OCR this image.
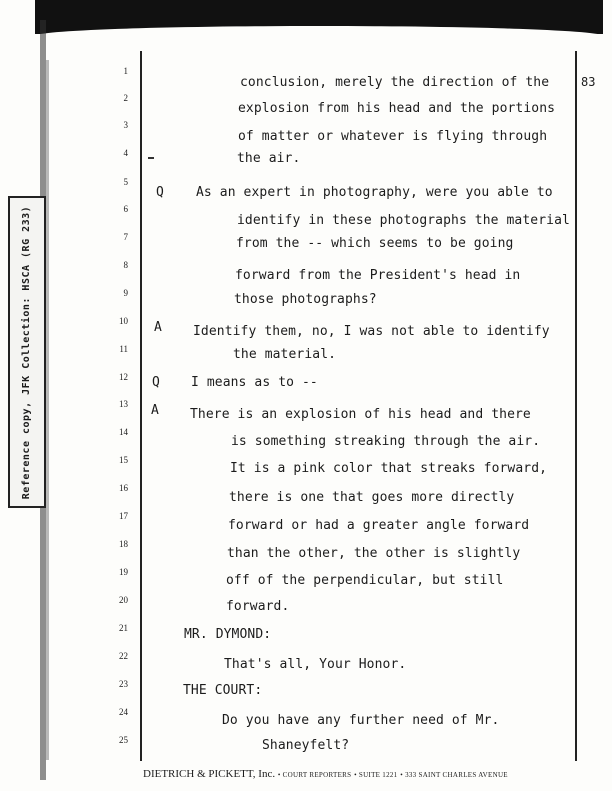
Reference copy, JFK Collection: HSCA (RG 233)
83
1
conclusion, merely the direction of the
2
explosion from his head and the portions
3
of matter or whatever is flying through
4	the air.
5
Q As an expert in photography, were you able to
6
identify in these photographs the material
7	from the -- which seems to be going
8
forward from the President's head in
9	those photographs?
10 A Identify them, no, I was not able to identify
11	the material.
12 Q I means as to --
13 A There is an explosion of his head and there
14
is something streaking through the air.
15
It is a pink color that streaks forward,
16
there is one that goes more directly
17
forward or had a greater angle forward
18
than the other, the other is slightly
19
off of the perpendicular, but still
20	forward.
21	MR. DYMOND:
22
That's all, Your Honor.
23	THE COURT:
24
Do you have any further need of Mr.
25	Shaneyfelt?
DIETRICH & PICKETT, Inc. • COURT REPORTERS • SUITE 1221 • 333 SAINT CHARLES AVENUE
